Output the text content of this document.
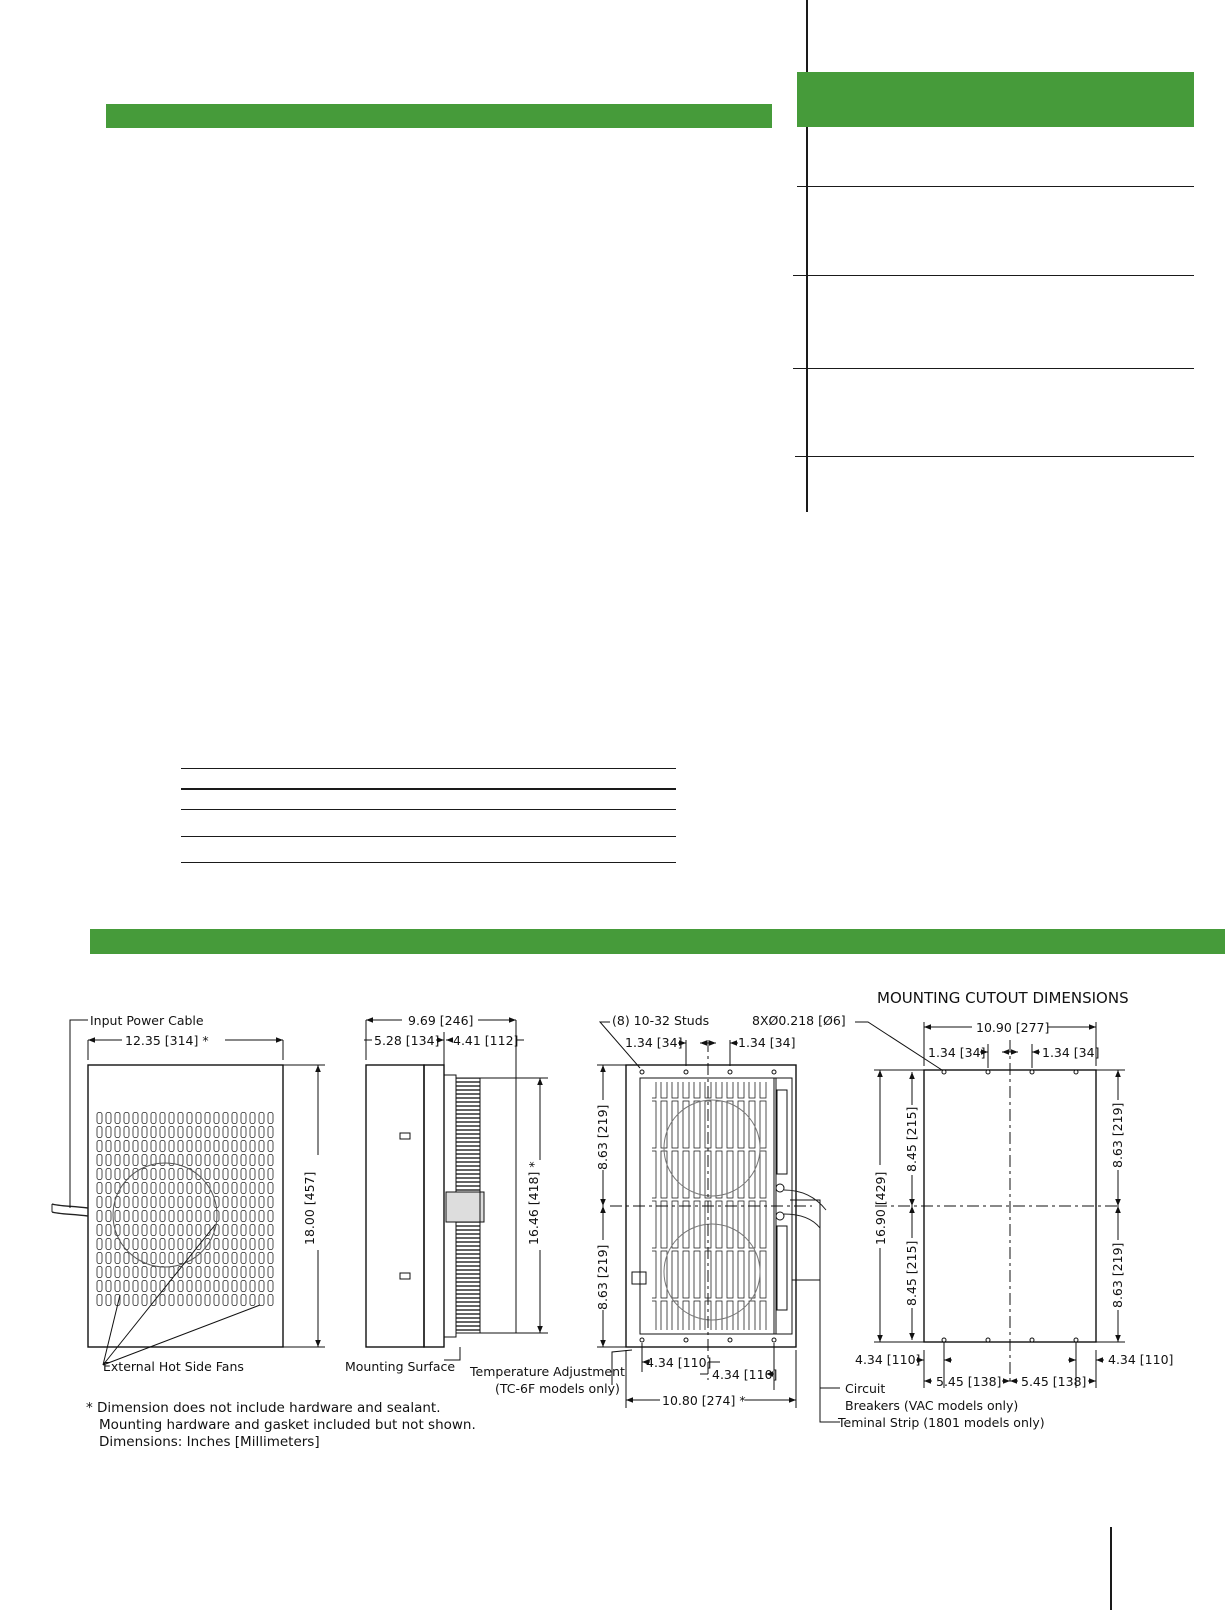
MOUNTING CUTOUT DIMENSIONS
Input Power Cable
12.35 [314] *
18.00 [457]
External Hot Side Fans
9.69 [246]
5.28 [134] 4.41 [112]
16.46 [418] *
Mounting Surface
(8) 10-32 Studs	8XØ0.218 [Ø6]
1.34 [34]	1.34 [34]
8.63 [219]
8.63 [219]
4.34 [110]
4.34 [110]
10.80 [274] *
Temperature Adjustment
(TC-6F models only)	Circuit
Breakers (VAC models only)
Teminal Strip (1801 models only)
10.90 [277]
1.34 [34]	1.34 [34]
16.90 [429]
8.45 [215]
8.45 [215]
8.63 [219]
8.63 [219]
4.34 [110]	4.34 [110]
5.45 [138] 5.45 [138]
* Dimension does not include hardware and sealant.
Mounting hardware and gasket included but not shown.
Dimensions: Inches [Millimeters]
